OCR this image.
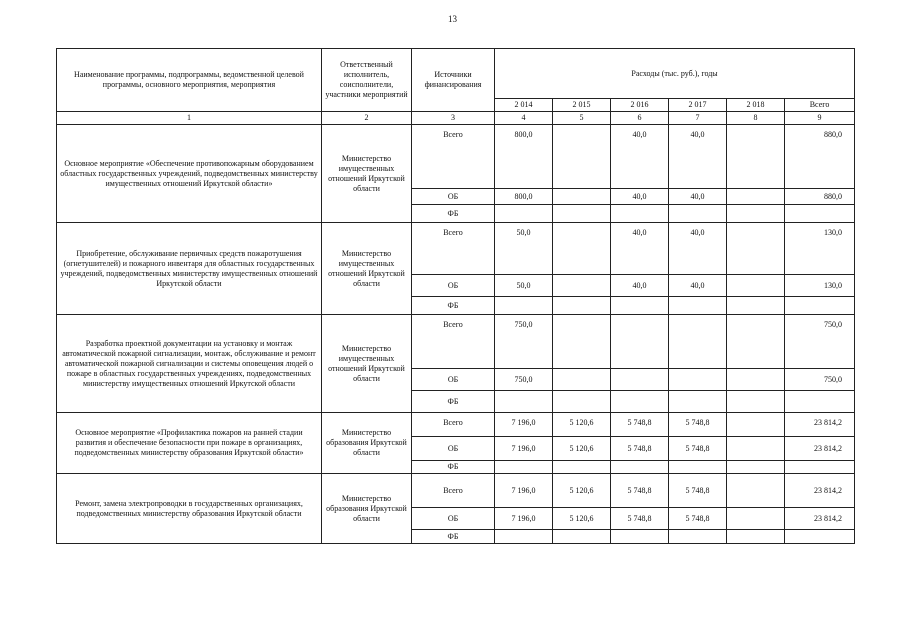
13
Наименование программы, подпрограммы, ведомственной целевой программы, основного мероприятия, мероприятия	Ответственный исполнитель, соисполнители, участники мероприятий	Источники финансирования	Расходы (тыс. руб.), годы					
			2 014	2 015	2 016	2 017	2 018	Всего
1	2	3	4	5	6	7	8	9
Основное мероприятие «Обеспечение противопожарным оборудованием областных государственных учреждений, подведомственных министерству имущественных отношений Иркутской области»	Министерство имущественных отношений Иркутской области	Всего	800,0		40,0	40,0		880,0
		ОБ	800,0		40,0	40,0		880,0
		ФБ						
Приобретение, обслуживание первичных средств пожаротушения (огнетушителей) и пожарного инвентаря для областных государственных учреждений, подведомственных министерству имущественных отношений Иркутской области	Министерство имущественных отношений Иркутской области	Всего	50,0		40,0	40,0		130,0
		ОБ	50,0		40,0	40,0		130,0
		ФБ						
Разработка проектной документации на установку и монтаж автоматической пожарной сигнализации, монтаж, обслуживание и ремонт автоматической пожарной сигнализации и системы оповещения людей о пожаре в областных государственных учреждениях, подведомственных министерству имущественных отношений Иркутской области	Министерство имущественных отношений Иркутской области	Всего	750,0					750,0
		ОБ	750,0					750,0
		ФБ						
Основное мероприятие «Профилактика пожаров на ранней стадии развития и обеспечение безопасности при пожаре в организациях, подведомственных министерству образования Иркутской области»	Министерство образования Иркутской области	Всего	7 196,0	5 120,6	5 748,8	5 748,8		23 814,2
		ОБ	7 196,0	5 120,6	5 748,8	5 748,8		23 814,2
		ФБ						
Ремонт, замена электропроводки в государственных организациях, подведомственных министерству образования Иркутской области	Министерство образования Иркутской области	Всего	7 196,0	5 120,6	5 748,8	5 748,8		23 814,2
		ОБ	7 196,0	5 120,6	5 748,8	5 748,8		23 814,2
		ФБ						
